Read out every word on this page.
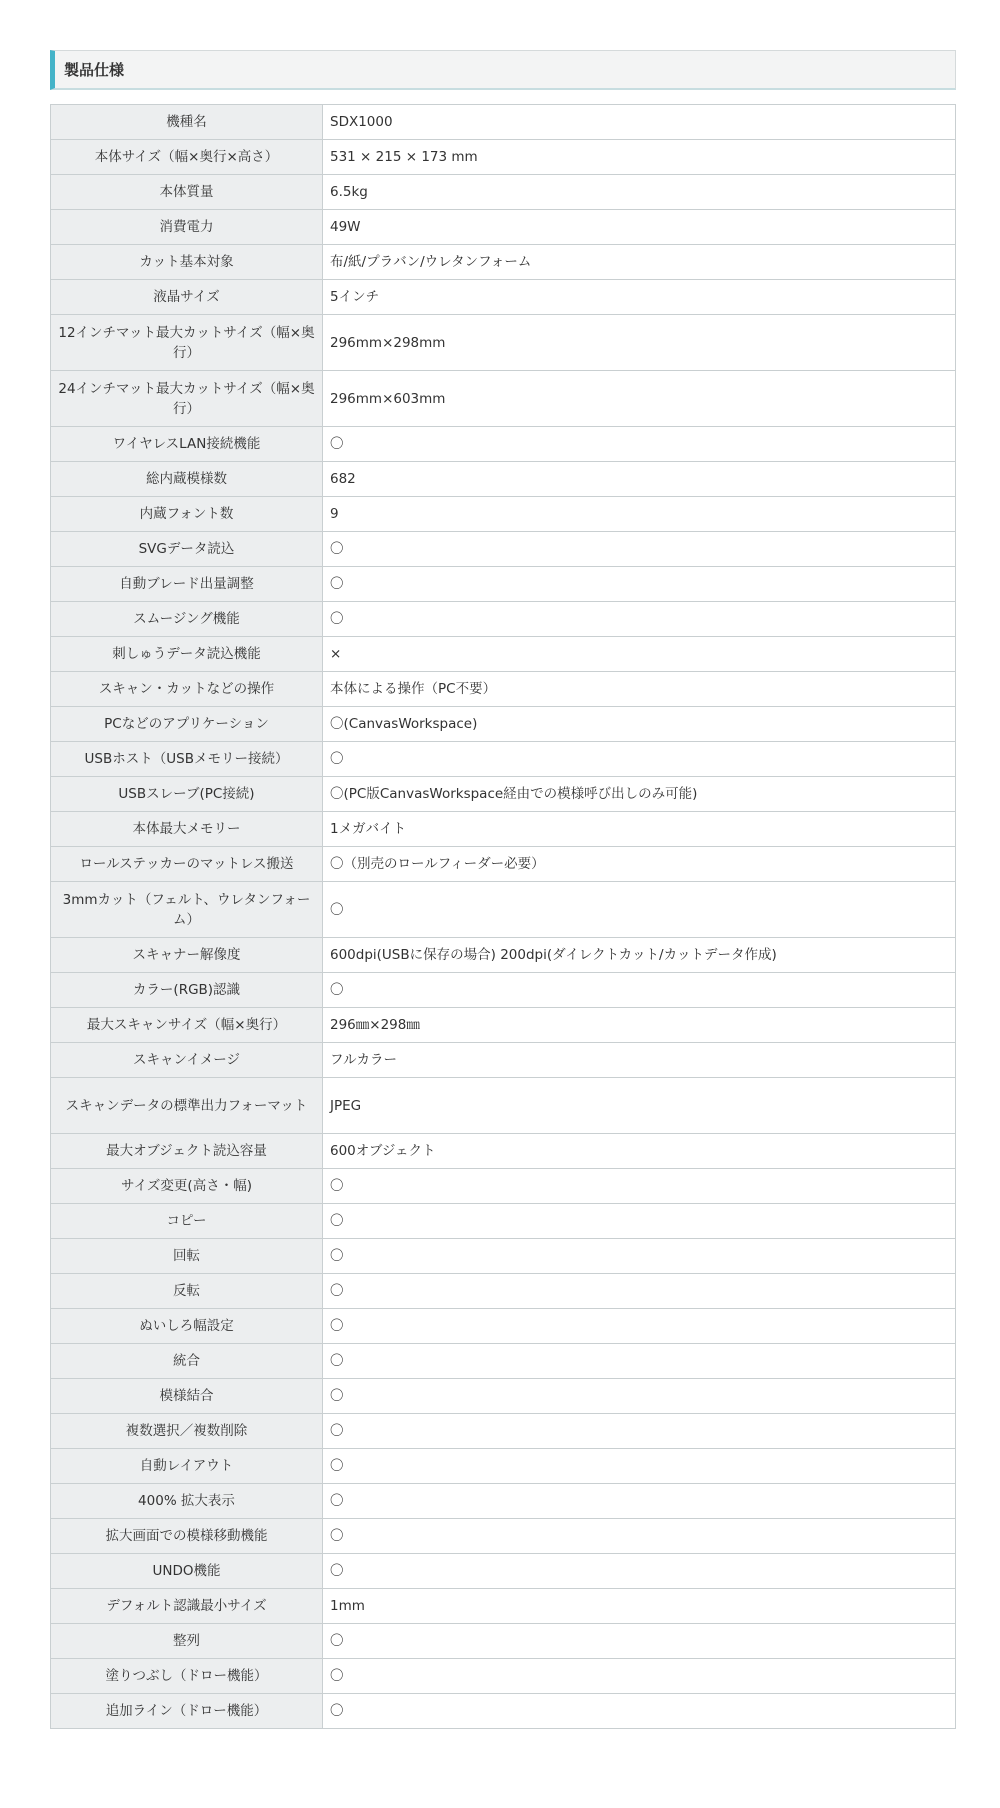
製品仕様
機種名	SDX1000
本体サイズ（幅×奥行×高さ）	531 × 215 × 173 mm
本体質量	6.5kg
消費電力	49W
カット基本対象	布/紙/プラバン/ウレタンフォーム
液晶サイズ	5インチ
12インチマット最大カットサイズ（幅×奥行）	296mm×298mm
24インチマット最大カットサイズ（幅×奥行）	296mm×603mm
ワイヤレスLAN接続機能	〇
総内蔵模様数	682
内蔵フォント数	9
SVGデータ読込	〇
自動ブレード出量調整	〇
スムージング機能	〇
刺しゅうデータ読込機能	×
スキャン・カットなどの操作	本体による操作（PC不要）
PCなどのアプリケーション	〇(CanvasWorkspace)
USBホスト（USBメモリー接続）	〇
USBスレーブ(PC接続)	〇(PC版CanvasWorkspace経由での模様呼び出しのみ可能)
本体最大メモリー	1メガバイト
ロールステッカーのマットレス搬送	〇（別売のロールフィーダー必要）
3mmカット（フェルト、ウレタンフォーム）	〇
スキャナー解像度	600dpi(USBに保存の場合) 200dpi(ダイレクトカット/カットデータ作成)
カラー(RGB)認識	〇
最大スキャンサイズ（幅×奥行）	296㎜×298㎜
スキャンイメージ	フルカラー
スキャンデータの標準出力フォーマット	JPEG
最大オブジェクト読込容量	600オブジェクト
サイズ変更(高さ・幅)	〇
コピー	〇
回転	〇
反転	〇
ぬいしろ幅設定	〇
統合	〇
模様結合	〇
複数選択／複数削除	〇
自動レイアウト	〇
400% 拡大表示	〇
拡大画面での模様移動機能	〇
UNDO機能	〇
デフォルト認識最小サイズ	1mm
整列	〇
塗りつぶし（ドロー機能）	〇
追加ライン（ドロー機能）	〇
